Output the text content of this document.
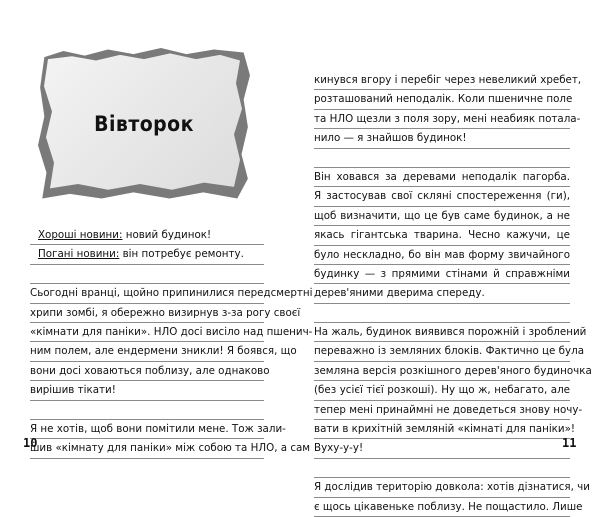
Вівторок
Хороші новини: новий будинок!
Погані новини: він потребує ремонту.
Сьогодні вранці, щойно припинилися передсмертні
хрипи зомбі, я обережно визирнув з-за рогу своєї
«кімнати для паніки». НЛО досі висіло над пшенич-
ним полем, але ендермени зникли! Я боявся, що
вони досі ховаються поблизу, але однаково
вирішив тікати!
Я не хотів, щоб вони помітили мене. Тож зали-
шив «кімнату для паніки» між собою та НЛО, а сам
10
кинувся вгору і перебіг через невеликий хребет,
розташований неподалік. Коли пшеничне поле
та НЛО щезли з поля зору, мені неабияк потала-
нило — я знайшов будинок!
Він ховався за деревами неподалік пагорба.
Я застосував свої скляні спостереження (ги),
щоб визначити, що це був саме будинок, а не
якась гігантська тварина. Чесно кажучи, це
було нескладно, бо він мав форму звичайного
будинку — з прямими стінами й справжніми
дерев'яними дверима спереду.
На жаль, будинок виявився порожній і зроблений
переважно із земляних блоків. Фактично це була
земляна версія розкішного дерев'яного будиночка
(без усієї тієї розкоші). Ну що ж, небагато, але
тепер мені принаймні не доведеться знову ночу-
вати в крихітній земляній «кімнаті для паніки»!
Вуху-у-у!
Я дослідив територію довкола: хотів дізнатися, чи
є щось цікавеньке поблизу. Не пощастило. Лише
11
